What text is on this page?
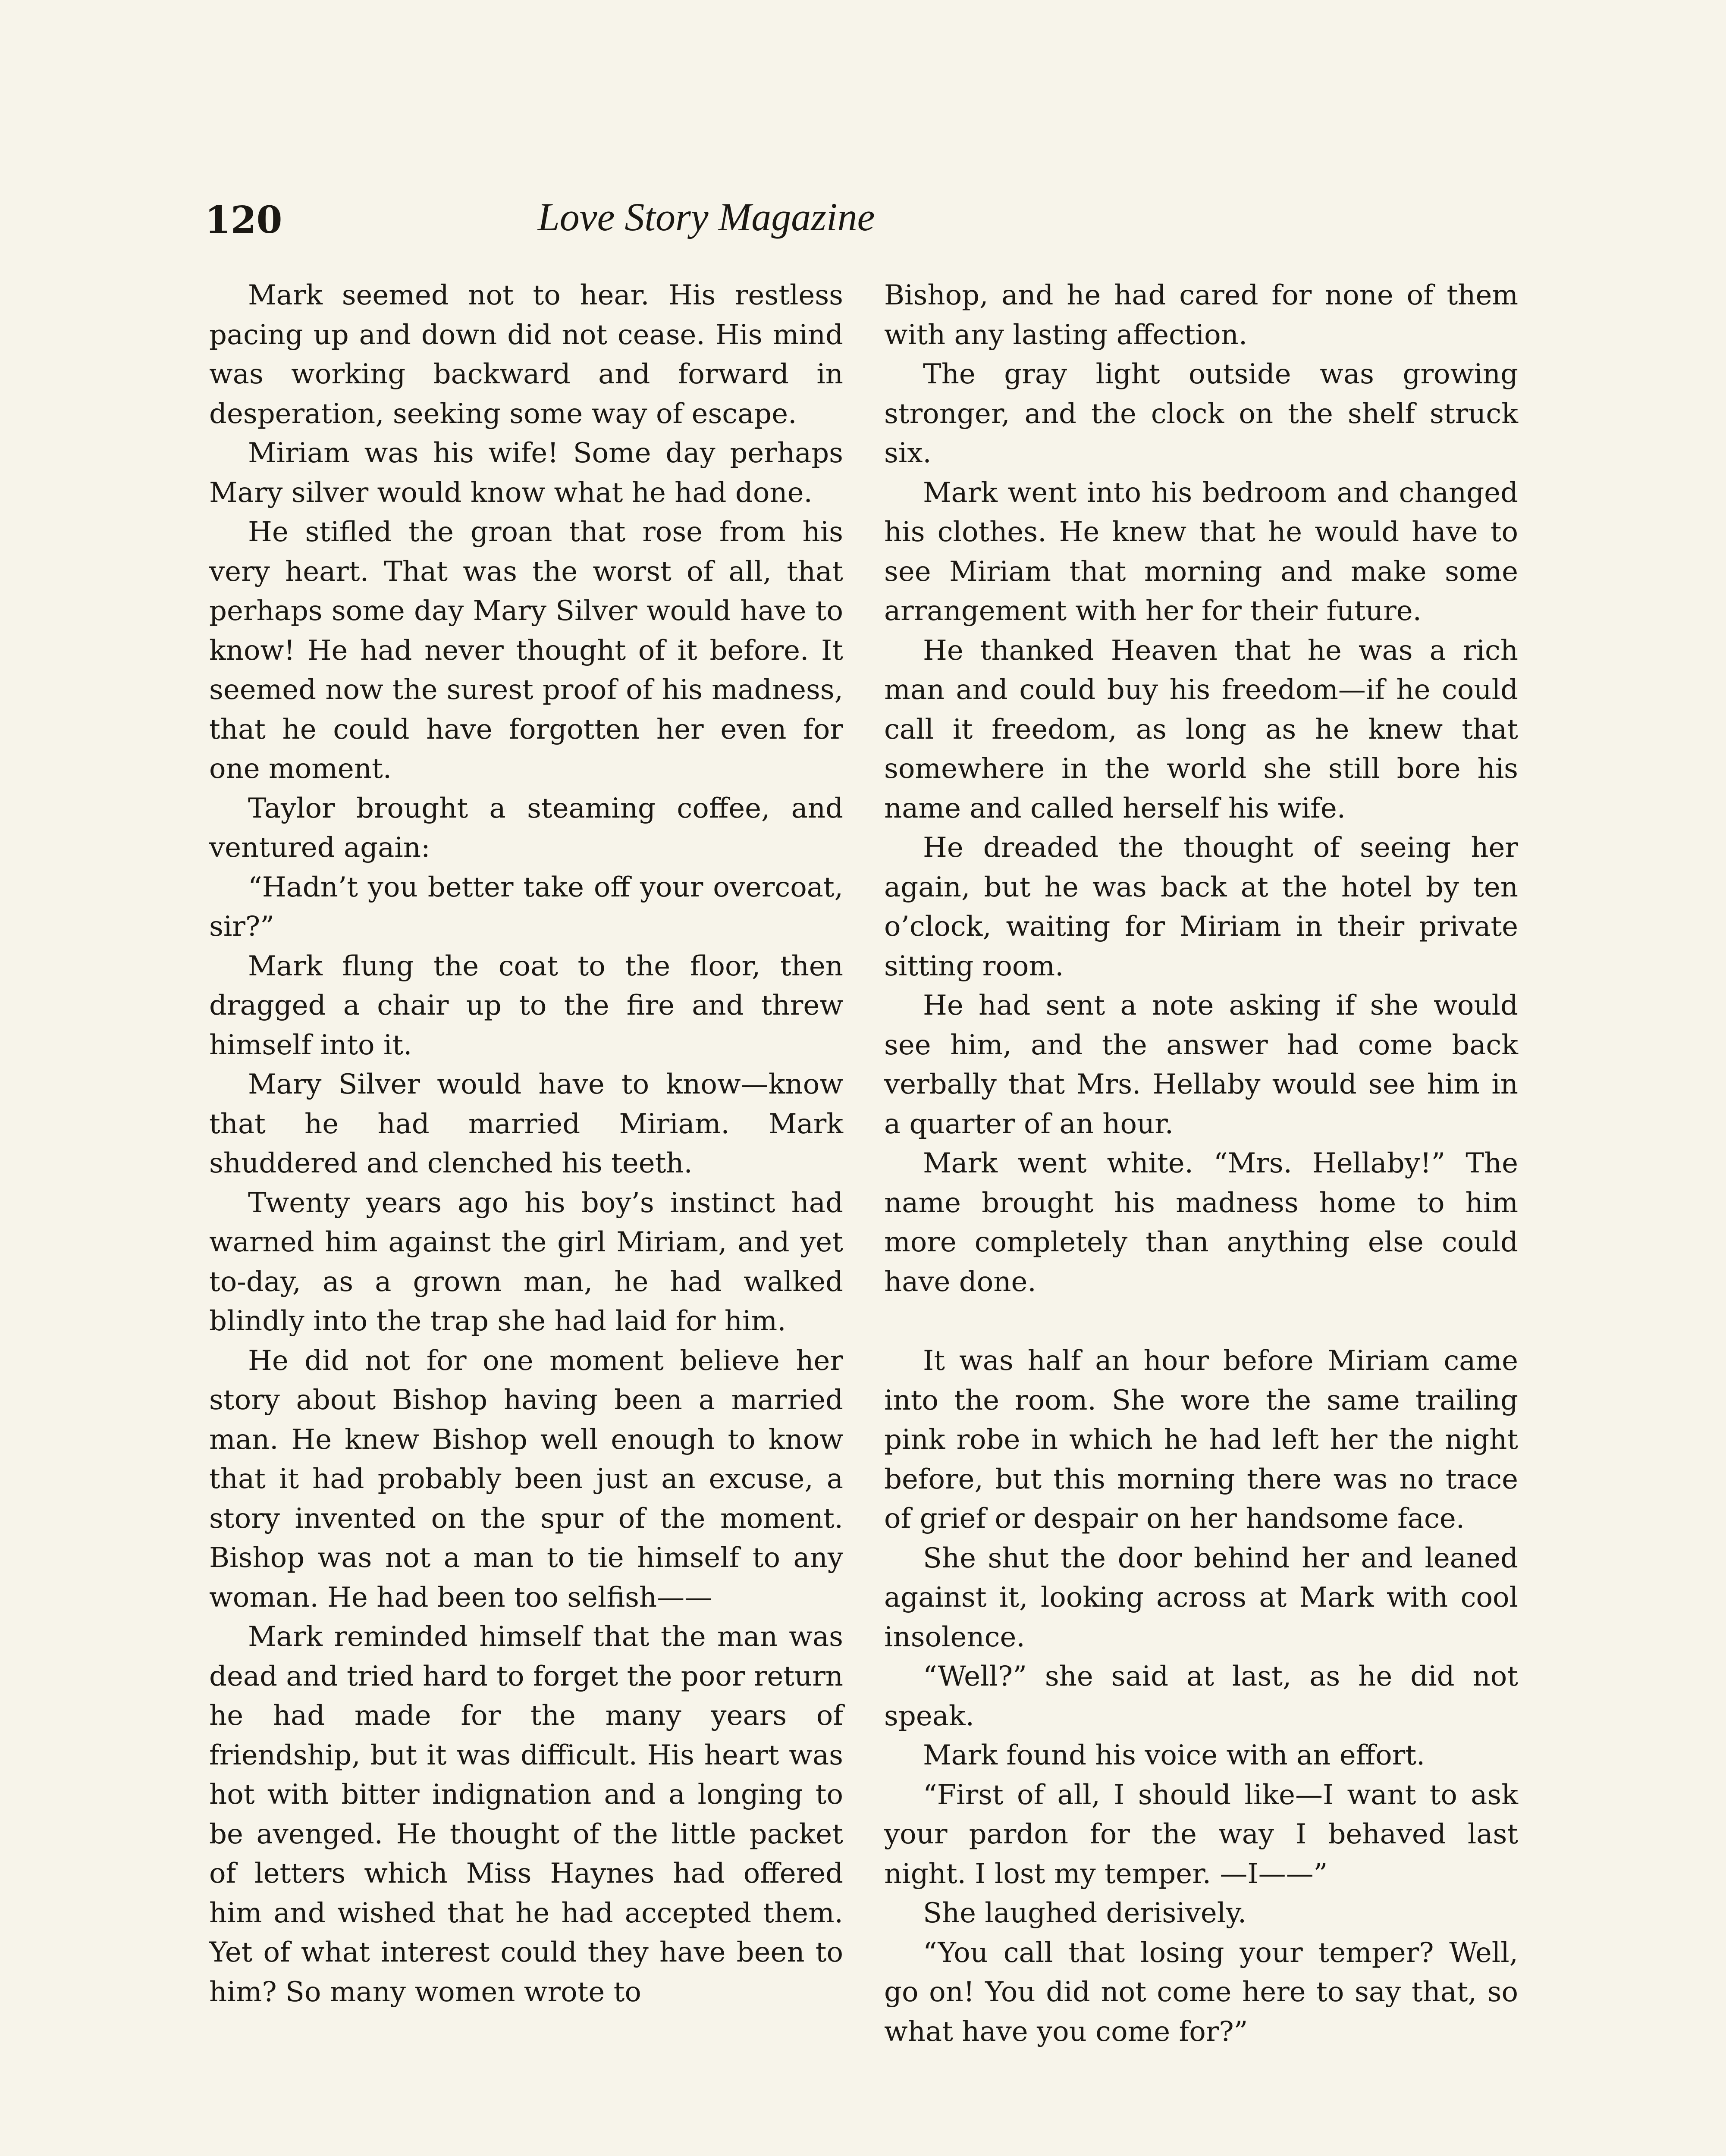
120	Love Story Magazine

Mark seemed not to hear. His restless pacing up and down did not cease. His mind was working backward and forward in desperation, seeking some way of escape.

Miriam was his wife! Some day perhaps Mary silver would know what he had done.

He stifled the groan that rose from his very heart. That was the worst of all, that perhaps some day Mary Silver would have to know! He had never thought of it before. It seemed now the surest proof of his madness, that he could have forgotten her even for one moment.

Taylor brought a steaming coffee, and ventured again:

“Hadn’t you better take off your overcoat, sir?”

Mark flung the coat to the floor, then dragged a chair up to the fire and threw himself into it.

Mary Silver would have to know—know that he had married Miriam. Mark shuddered and clenched his teeth.

Twenty years ago his boy’s instinct had warned him against the girl Miriam, and yet to-day, as a grown man, he had walked blindly into the trap she had laid for him.

He did not for one moment believe her story about Bishop having been a married man. He knew Bishop well enough to know that it had probably been just an excuse, a story invented on the spur of the moment. Bishop was not a man to tie himself to any woman. He had been too selfish——

Mark reminded himself that the man was dead and tried hard to forget the poor return he had made for the many years of friendship, but it was difficult. His heart was hot with bitter indignation and a longing to be avenged. He thought of the little packet of letters which Miss Haynes had offered him and wished that he had accepted them. Yet of what interest could they have been to him? So many women wrote to

Bishop, and he had cared for none of them with any lasting affection.

The gray light outside was growing stronger, and the clock on the shelf struck six.

Mark went into his bedroom and changed his clothes. He knew that he would have to see Miriam that morning and make some arrangement with her for their future.

He thanked Heaven that he was a rich man and could buy his freedom—if he could call it freedom, as long as he knew that somewhere in the world she still bore his name and called herself his wife.

He dreaded the thought of seeing her again, but he was back at the hotel by ten o’clock, waiting for Miriam in their private sitting room.

He had sent a note asking if she would see him, and the answer had come back verbally that Mrs. Hellaby would see him in a quarter of an hour.

Mark went white. “Mrs. Hellaby!” The name brought his madness home to him more completely than anything else could have done.

It was half an hour before Miriam came into the room. She wore the same trailing pink robe in which he had left her the night before, but this morning there was no trace of grief or despair on her handsome face.

She shut the door behind her and leaned against it, looking across at Mark with cool insolence.

“Well?” she said at last, as he did not speak.

Mark found his voice with an effort.

“First of all, I should like—I want to ask your pardon for the way I behaved last night. I lost my temper. —I——”

She laughed derisively.

“You call that losing your temper? Well, go on! You did not come here to say that, so what have you come for?”
